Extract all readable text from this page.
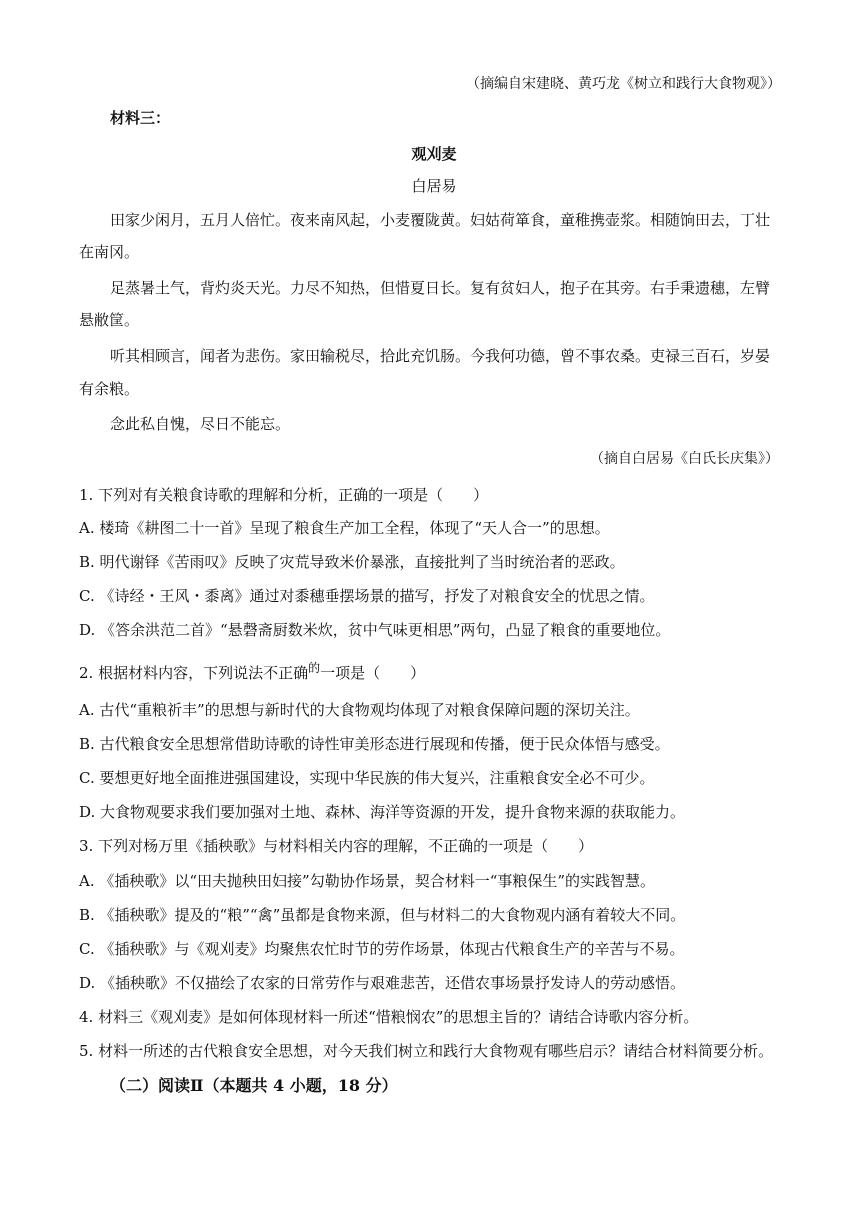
（摘编自宋建晓、黄巧龙《树立和践行大食物观》）
材料三：
观刈麦
白居易
田家少闲月，五月人倍忙。夜来南风起，小麦覆陇黄。妇姑荷箪食，童稚携壶浆。相随饷田去，丁壮
在南冈。
足蒸暑土气，背灼炎天光。力尽不知热，但惜夏日长。复有贫妇人，抱子在其旁。右手秉遗穗，左臂
悬敝筐。
听其相顾言，闻者为悲伤。家田输税尽，拾此充饥肠。今我何功德，曾不事农桑。吏禄三百石，岁晏
有余粮。
念此私自愧，尽日不能忘。
（摘自白居易《白氏长庆集》）
1. 下列对有关粮食诗歌的理解和分析，正确的一项是（　　）
A. 楼琦《耕图二十一首》呈现了粮食生产加工全程，体现了“天人合一”的思想。
B. 明代谢铎《苦雨叹》反映了灾荒导致米价暴涨，直接批判了当时统治者的恶政。
C. 《诗经・王风・黍离》通过对黍穗垂摆场景的描写，抒发了对粮食安全的忧思之情。
D. 《答余洪范二首》“悬磬斋厨数米炊，贫中气味更相思”两句，凸显了粮食的重要地位。
2. 根据材料内容，下列说法不正确$^的$一项是（　　）
A. 古代“重粮祈丰”的思想与新时代的大食物观均体现了对粮食保障问题的深切关注。
B. 古代粮食安全思想常借助诗歌的诗性审美形态进行展现和传播，便于民众体悟与感受。
C. 要想更好地全面推进强国建设，实现中华民族的伟大复兴，注重粮食安全必不可少。
D. 大食物观要求我们要加强对土地、森林、海洋等资源的开发，提升食物来源的获取能力。
3. 下列对杨万里《插秧歌》与材料相关内容的理解，不正确的一项是（　　）
A. 《插秧歌》以“田夫抛秧田妇接”勾勒协作场景，契合材料一“事粮保生”的实践智慧。
B. 《插秧歌》提及的“粮”“禽”虽都是食物来源，但与材料二的大食物观内涵有着较大不同。
C. 《插秧歌》与《观刈麦》均聚焦农忙时节的劳作场景，体现古代粮食生产的辛苦与不易。
D. 《插秧歌》不仅描绘了农家的日常劳作与艰难悲苦，还借农事场景抒发诗人的劳动感悟。
4. 材料三《观刈麦》是如何体现材料一所述“惜粮悯农”的思想主旨的？请结合诗歌内容分析。
5. 材料一所述的古代粮食安全思想，对今天我们树立和践行大食物观有哪些启示？请结合材料简要分析。
（二）阅读Ⅱ（本题共 4 小题，18 分）
